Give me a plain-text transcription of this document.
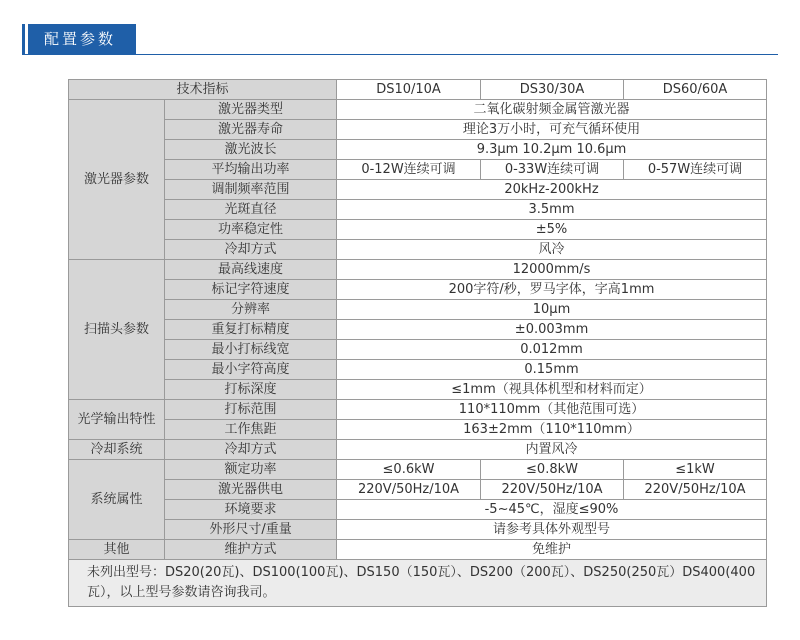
配置参数
技术指标		DS10/10A	DS30/30A	DS60/60A
激光器参数	激光器类型	二氧化碳射频金属管激光器		
	激光器寿命	理论3万小时，可充气循环使用		
	激光波长	9.3μm 10.2μm 10.6μm		
	平均输出功率	0-12W连续可调	0-33W连续可调	0-57W连续可调
	调制频率范围	20kHz-200kHz		
	光斑直径	3.5mm		
	功率稳定性	±5%		
	冷却方式	风冷		
扫描头参数	最高线速度	12000mm/s		
	标记字符速度	200字符/秒，罗马字体，字高1mm		
	分辨率	10μm		
	重复打标精度	±0.003mm		
	最小打标线宽	0.012mm		
	最小字符高度	0.15mm		
	打标深度	≤1mm（视具体机型和材料而定）		
光学输出特性	打标范围	110*110mm（其他范围可选）		
	工作焦距	163±2mm（110*110mm）		
冷却系统	冷却方式	内置风冷		
系统属性	额定功率	≤0.6kW	≤0.8kW	≤1kW
	激光器供电	220V/50Hz/10A	220V/50Hz/10A	220V/50Hz/10A
	环境要求	-5~45℃，湿度≤90%		
	外形尺寸/重量	请参考具体外观型号		
其他	维护方式	免维护		
未列出型号：DS20(20瓦)、DS100(100瓦)、DS150（150瓦）、DS200（200瓦）、DS250(250瓦）DS400(400瓦），以上型号参数请咨询我司。				
